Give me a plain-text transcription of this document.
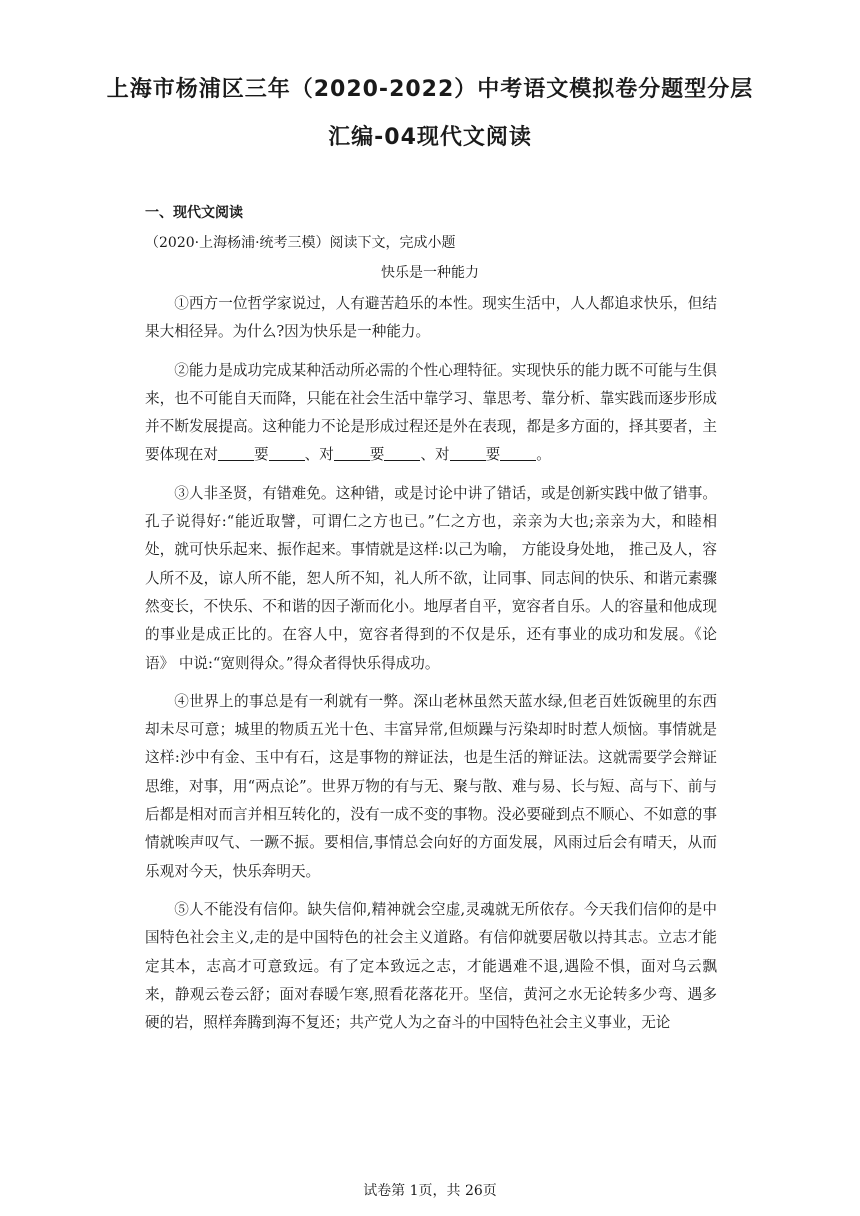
上海市杨浦区三年（2020-2022）中考语文模拟卷分题型分层
汇编-04现代文阅读
一、现代文阅读

（2020·上海杨浦·统考三模）阅读下文，完成小题

快乐是一种能力

①西方一位哲学家说过，人有避苦趋乐的本性。现实生活中，人人都追求快乐，但结果大相径异。为什么?因为快乐是一种能力。

②能力是成功完成某种活动所必需的个性心理特征。实现快乐的能力既不可能与生俱来，也不可能自天而降，只能在社会生活中靠学习、靠思考、靠分析、靠实践而逐步形成并不断发展提高。这种能力不论是形成过程还是外在表现，都是多方面的，择其要者，主要体现在对 要 、对 要 、对 要 。

③人非圣贤，有错难免。这种错，或是讨论中讲了错话，或是创新实践中做了错事。孔子说得好:“能近取譬，可谓仁之方也已。”仁之方也，亲亲为大也;亲亲为大，和睦相处，就可快乐起来、振作起来。事情就是这样:以己为喻， 方能设身处地， 推己及人，容人所不及，谅人所不能，恕人所不知，礼人所不欲，让同事、同志间的快乐、和谐元素骤然变长，不快乐、不和谐的因子渐而化小。地厚者自平，宽容者自乐。人的容量和他成现的事业是成正比的。在容人中，宽容者得到的不仅是乐，还有事业的成功和发展。《论语》 中说:“宽则得众。”得众者得快乐得成功。

④世界上的事总是有一利就有一弊。深山老林虽然天蓝水绿,但老百姓饭碗里的东西却未尽可意；城里的物质五光十色、丰富异常,但烦躁与污染却时时惹人烦恼。事情就是这样:沙中有金、玉中有石，这是事物的辩证法，也是生活的辩证法。这就需要学会辩证思维，对事，用“两点论”。世界万物的有与无、聚与散、难与易、长与短、高与下、前与后都是相对而言并相互转化的，没有一成不变的事物。没必要碰到点不顺心、不如意的事情就唉声叹气、一蹶不振。要相信,事情总会向好的方面发展，风雨过后会有晴天，从而乐观对今天，快乐奔明天。

⑤人不能没有信仰。缺失信仰,精神就会空虚,灵魂就无所依存。今天我们信仰的是中国特色社会主义,走的是中国特色的社会主义道路。有信仰就要居敬以持其志。立志才能定其本，志高才可意致远。有了定本致远之志，才能遇难不退,遇险不惧，面对乌云飘来，静观云卷云舒；面对春暖乍寒,照看花落花开。坚信，黄河之水无论转多少弯、遇多硬的岩，照样奔腾到海不复还；共产党人为之奋斗的中国特色社会主义事业，无论

试卷第 1页，共 26页
